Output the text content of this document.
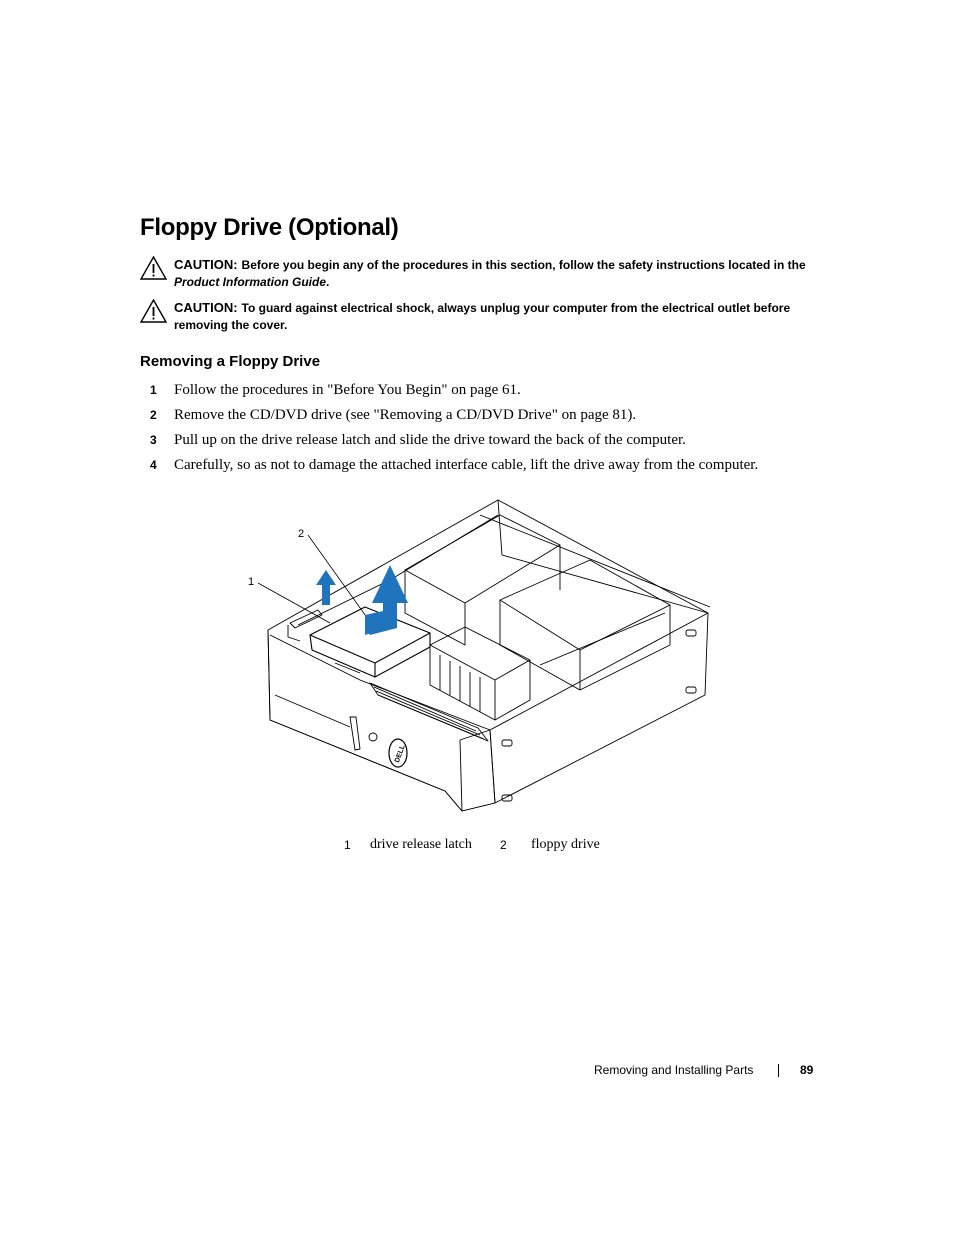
Floppy Drive (Optional)
CAUTION: Before you begin any of the procedures in this section, follow the safety instructions located in the Product Information Guide.
CAUTION: To guard against electrical shock, always unplug your computer from the electrical outlet before removing the cover.
Removing a Floppy Drive
1 Follow the procedures in "Before You Begin" on page 61.
2 Remove the CD/DVD drive (see "Removing a CD/DVD Drive" on page 81).
3 Pull up on the drive release latch and slide the drive toward the back of the computer.
4 Carefully, so as not to damage the attached interface cable, lift the drive away from the computer.
1
2
DELL
1 drive release latch 2 floppy drive
Removing and Installing Parts	89
